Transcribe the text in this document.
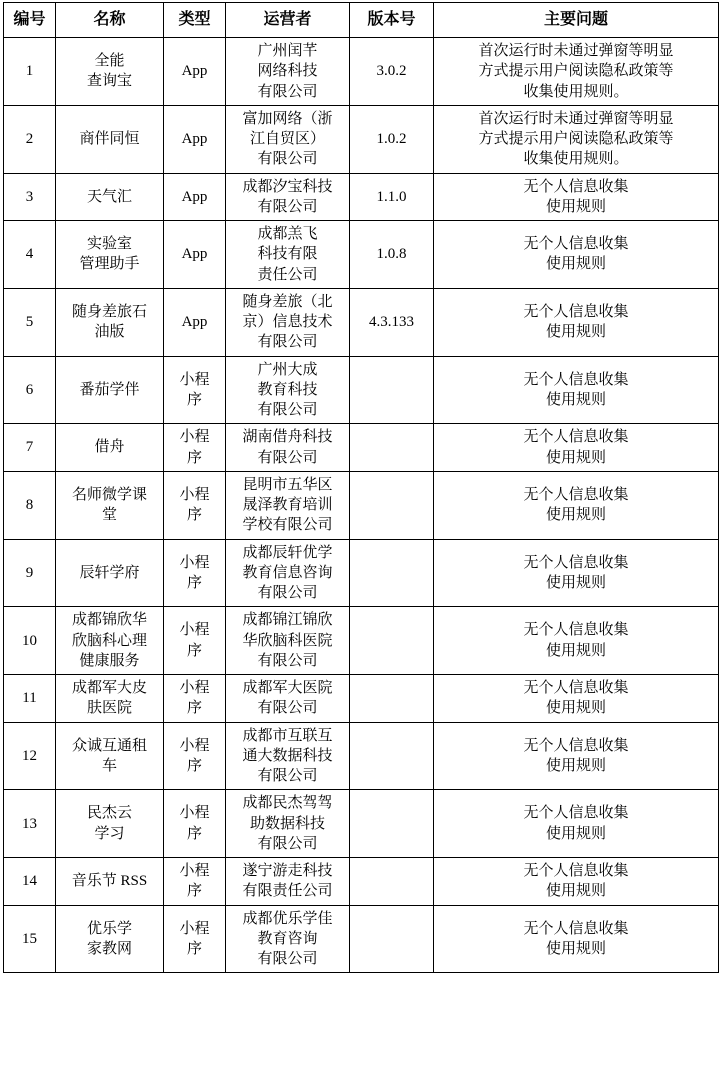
编号	名称	类型	运营者	版本号	主要问题

1	全能
查询宝	App	广州闰芊
网络科技
有限公司	3.0.2	首次运行时未通过弹窗等明显
方式提示用户阅读隐私政策等
收集使用规则。

2	商伴同恒	App	富加网络（浙
江自贸区）
有限公司	1.0.2	首次运行时未通过弹窗等明显
方式提示用户阅读隐私政策等
收集使用规则。

3	天气汇	App	成都汐宝科技
有限公司	1.1.0	无个人信息收集
使用规则

4	实验室
管理助手	App	成都羔飞
科技有限
责任公司	1.0.8	无个人信息收集
使用规则

5	随身差旅石
油版	App	随身差旅（北
京）信息技术
有限公司	4.3.133	无个人信息收集
使用规则

6	番茄学伴	小程
序	广州大成
教育科技
有限公司		无个人信息收集
使用规则

7	借舟	小程
序	湖南借舟科技
有限公司		无个人信息收集
使用规则

8	名师微学课
堂	小程
序	昆明市五华区
晟泽教育培训
学校有限公司		无个人信息收集
使用规则

9	辰轩学府	小程
序	成都辰轩优学
教育信息咨询
有限公司		无个人信息收集
使用规则

10	成都锦欣华
欣脑科心理
健康服务	小程
序	成都锦江锦欣
华欣脑科医院
有限公司		无个人信息收集
使用规则

11	成都军大皮
肤医院	小程
序	成都军大医院
有限公司		无个人信息收集
使用规则

12	众诚互通租
车	小程
序	成都市互联互
通大数据科技
有限公司		无个人信息收集
使用规则

13	民杰云
学习	小程
序	成都民杰驾驾
助数据科技
有限公司		无个人信息收集
使用规则

14	音乐节 RSS	小程
序	遂宁游走科技
有限责任公司		无个人信息收集
使用规则

15	优乐学
家教网	小程
序	成都优乐学佳
教育咨询
有限公司		无个人信息收集
使用规则
